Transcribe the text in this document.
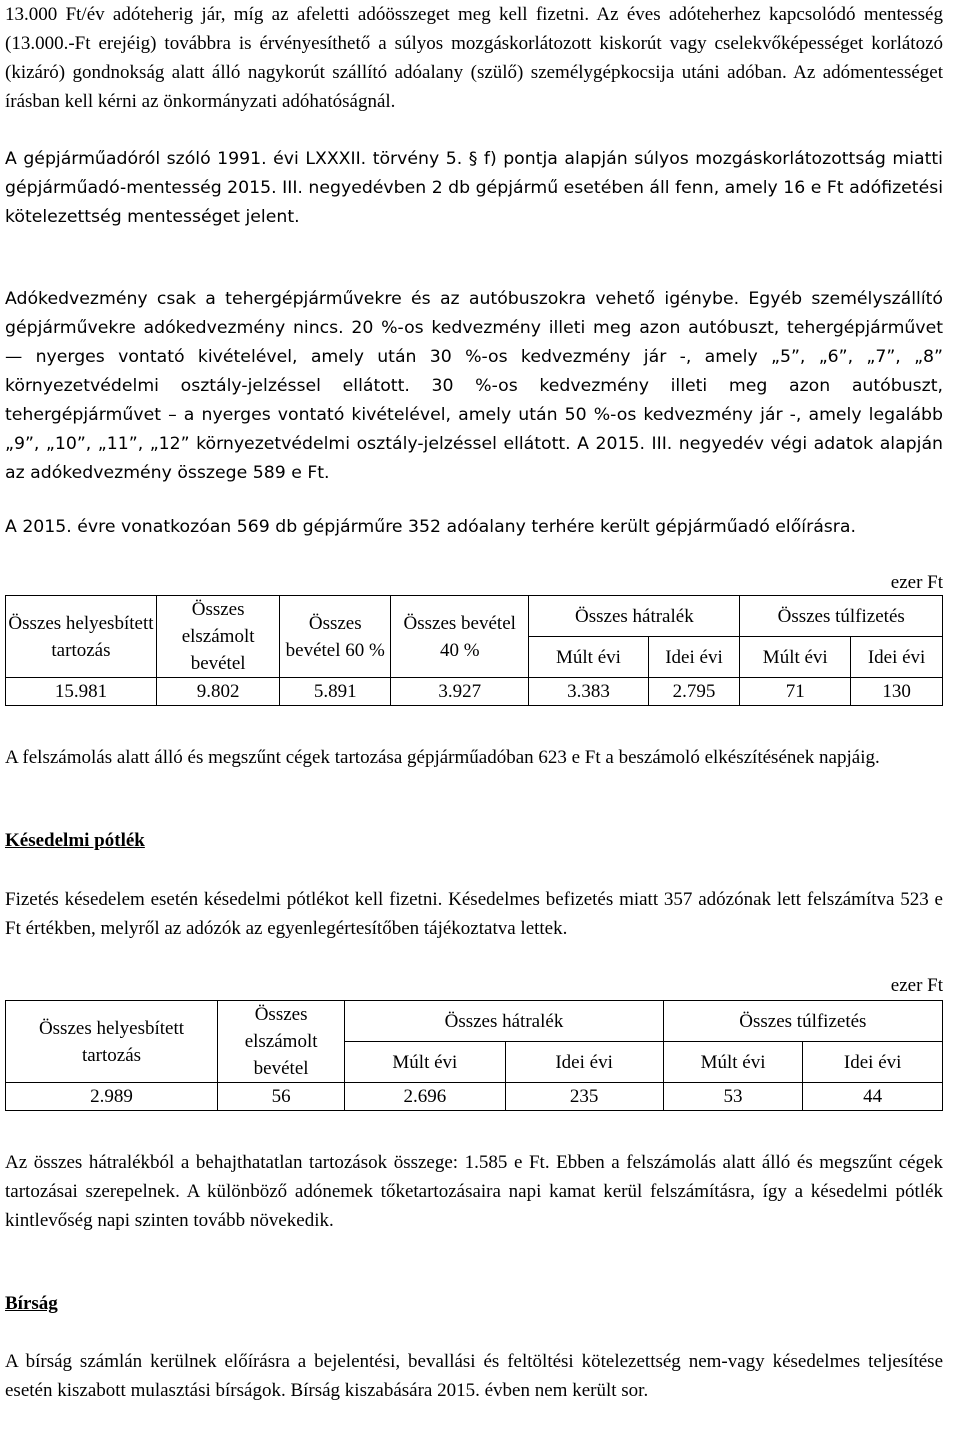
13.000 Ft/év adóteherig jár, míg az afeletti adóösszeget meg kell fizetni. Az éves adóteherhez kapcsolódó mentesség (13.000.-Ft erejéig) továbbra is érvényesíthető a súlyos mozgáskorlátozott kiskorút vagy cselekvőképességet korlátozó (kizáró) gondnokság alatt álló nagykorút szállító adóalany (szülő) személygépkocsija utáni adóban. Az adómentességet írásban kell kérni az önkormányzati adóhatóságnál.

A gépjárműadóról szóló 1991. évi LXXXII. törvény 5. § f) pontja alapján súlyos mozgáskorlátozottság miatti gépjárműadó-mentesség 2015. III. negyedévben 2 db gépjármű esetében áll fenn, amely 16 e Ft adófizetési kötelezettség mentességet jelent.

Adókedvezmény csak a tehergépjárművekre és az autóbuszokra vehető igénybe. Egyéb személyszállító gépjárművekre adókedvezmény nincs. 20 %-os kedvezmény illeti meg azon autóbuszt, tehergépjárművet — nyerges vontató kivételével, amely után 30 %-os kedvezmény jár -, amely „5”, „6”, „7”, „8” környezetvédelmi osztály-jelzéssel ellátott. 30 %-os kedvezmény illeti meg azon autóbuszt, tehergépjárművet – a nyerges vontató kivételével, amely után 50 %-os kedvezmény jár -, amely legalább „9”, „10”, „11”, „12” környezetvédelmi osztály-jelzéssel ellátott. A 2015. III. negyedév végi adatok alapján az adókedvezmény összege 589 e Ft.

A 2015. évre vonatkozóan 569 db gépjárműre 352 adóalany terhére került gépjárműadó előírásra.

ezer Ft

Összes helyesbített tartozás	Összes elszámolt bevétel	Összes bevétel 60 %	Összes bevétel 40 %	Összes hátralék		Összes túlfizetés	
				Múlt évi	Idei évi	Múlt évi	Idei évi
15.981	9.802	5.891	3.927	3.383	2.795	71	130

A felszámolás alatt álló és megszűnt cégek tartozása gépjárműadóban 623 e Ft a beszámoló elkészítésének napjáig.

Késedelmi pótlék

Fizetés késedelem esetén késedelmi pótlékot kell fizetni. Késedelmes befizetés miatt 357 adózónak lett felszámítva 523 e Ft értékben, melyről az adózók az egyenlegértesítőben tájékoztatva lettek.

ezer Ft

Összes helyesbített tartozás	Összes elszámolt bevétel	Összes hátralék		Összes túlfizetés	
		Múlt évi	Idei évi	Múlt évi	Idei évi
2.989	56	2.696	235	53	44

Az összes hátralékból a behajthatatlan tartozások összege: 1.585 e Ft. Ebben a felszámolás alatt álló és megszűnt cégek tartozásai szerepelnek. A különböző adónemek tőketartozásaira napi kamat kerül felszámításra, így a késedelmi pótlék kintlevőség napi szinten tovább növekedik.

Bírság

A bírság számlán kerülnek előírásra a bejelentési, bevallási és feltöltési kötelezettség nem-vagy késedelmes teljesítése esetén kiszabott mulasztási bírságok. Bírság kiszabására 2015. évben nem került sor.
